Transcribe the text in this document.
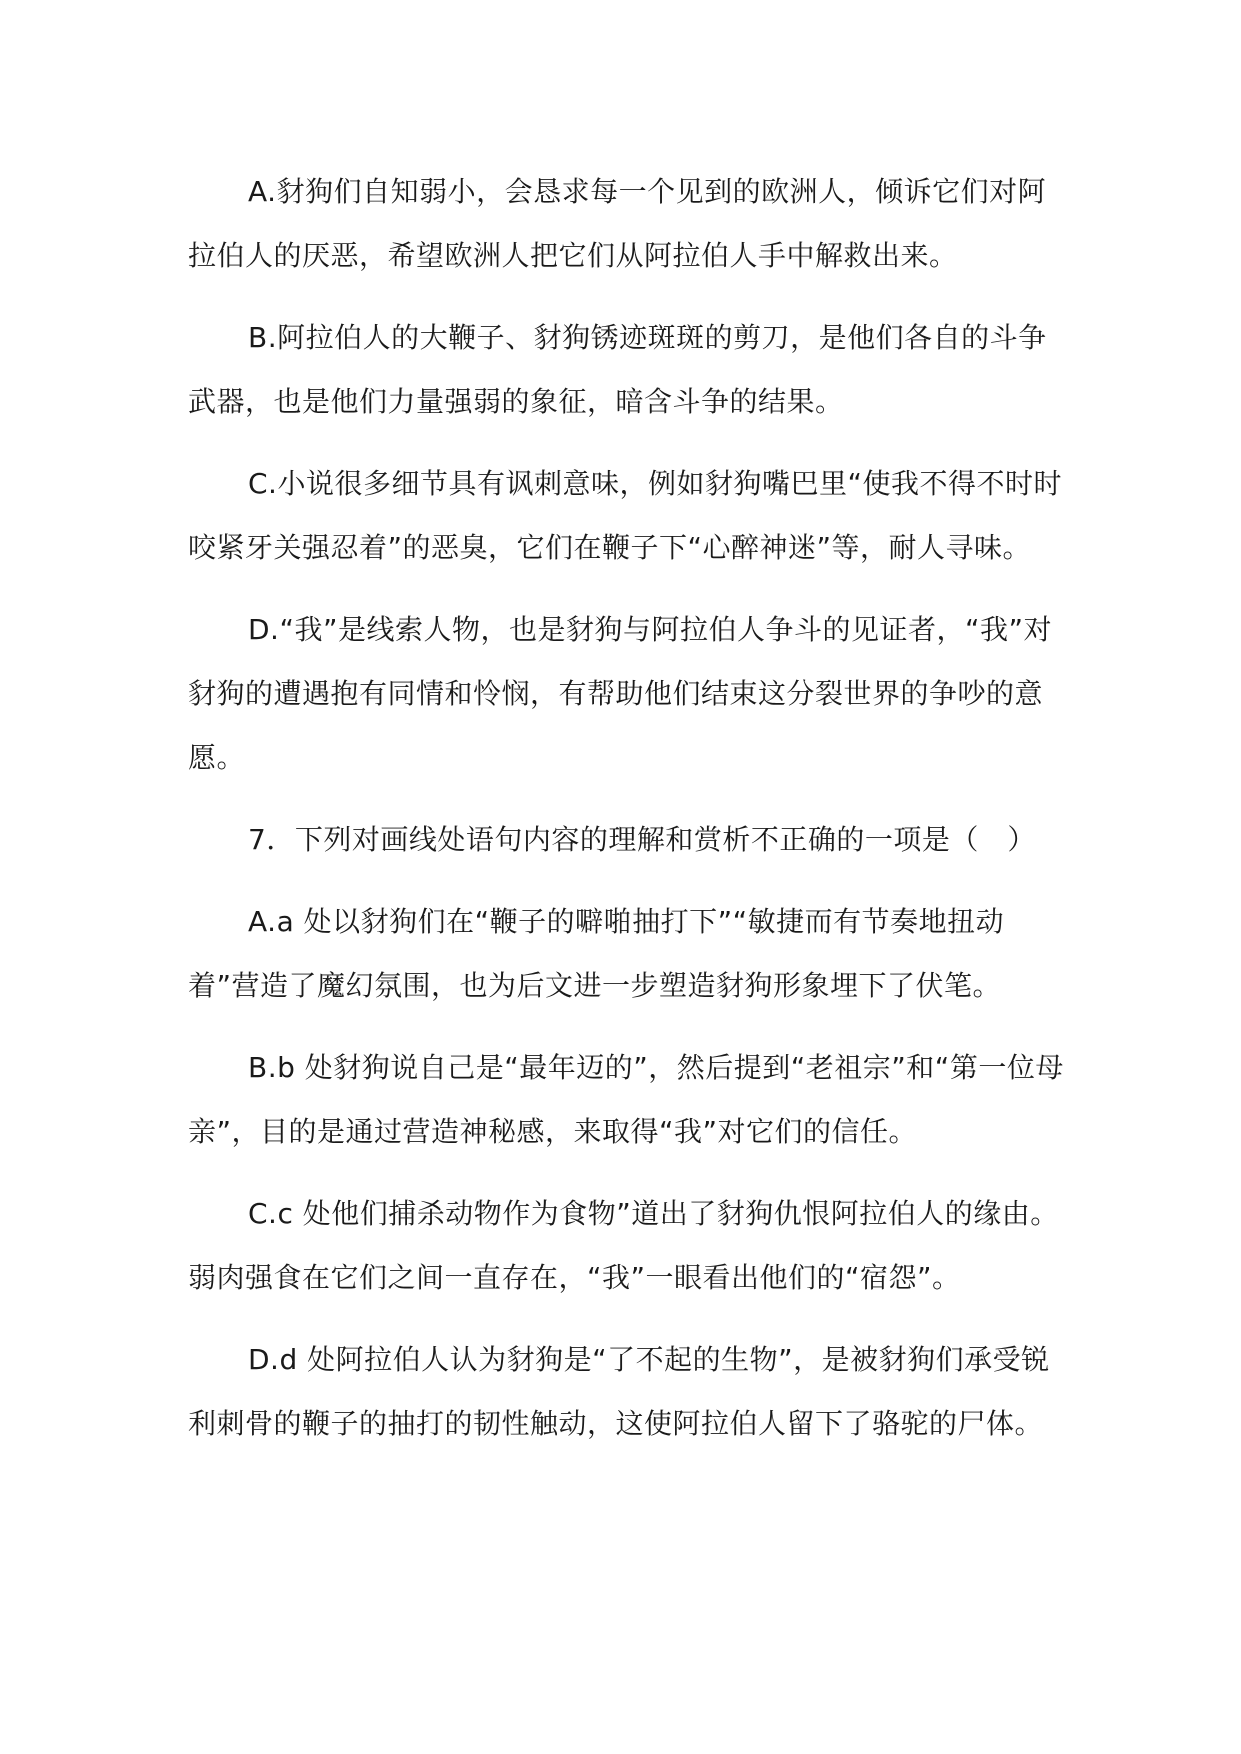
A.豺狗们自知弱小，会恳求每一个见到的欧洲人，倾诉它们对阿拉伯人的厌恶，希望欧洲人把它们从阿拉伯人手中解救出来。

B.阿拉伯人的大鞭子、豺狗锈迹斑斑的剪刀，是他们各自的斗争武器，也是他们力量强弱的象征，暗含斗争的结果。

C.小说很多细节具有讽刺意味，例如豺狗嘴巴里“使我不得不时时咬紧牙关强忍着”的恶臭，它们在鞭子下“心醉神迷”等，耐人寻味。

D.“我”是线索人物，也是豺狗与阿拉伯人争斗的见证者，“我”对豺狗的遭遇抱有同情和怜悯，有帮助他们结束这分裂世界的争吵的意愿。

7．下列对画线处语句内容的理解和赏析不正确的一项是（　）

A.a 处以豺狗们在“鞭子的噼啪抽打下”“敏捷而有节奏地扭动着”营造了魔幻氛围，也为后文进一步塑造豺狗形象埋下了伏笔。

B.b 处豺狗说自己是“最年迈的”，然后提到“老祖宗”和“第一位母亲”，目的是通过营造神秘感，来取得“我”对它们的信任。

C.c 处他们捕杀动物作为食物”道出了豺狗仇恨阿拉伯人的缘由。弱肉强食在它们之间一直存在，“我”一眼看出他们的“宿怨”。

D.d 处阿拉伯人认为豺狗是“了不起的生物”，是被豺狗们承受锐利刺骨的鞭子的抽打的韧性触动，这使阿拉伯人留下了骆驼的尸体。
